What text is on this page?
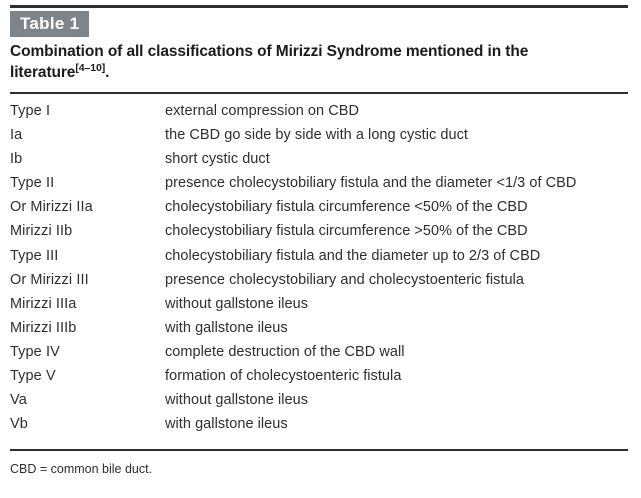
Table 1
Combination of all classifications of Mirizzi Syndrome mentioned in the literature[4–10].
Type I	external compression on CBD
Ia	the CBD go side by side with a long cystic duct
Ib	short cystic duct
Type II	presence cholecystobiliary fistula and the diameter <1/3 of CBD
Or Mirizzi IIa	cholecystobiliary fistula circumference <50% of the CBD
Mirizzi IIb	cholecystobiliary fistula circumference >50% of the CBD
Type III	cholecystobiliary fistula and the diameter up to 2/3 of CBD
Or Mirizzi III	presence cholecystobiliary and cholecystoenteric fistula
Mirizzi IIIa	without gallstone ileus
Mirizzi IIIb	with gallstone ileus
Type IV	complete destruction of the CBD wall
Type V	formation of cholecystoenteric fistula
Va	without gallstone ileus
Vb	with gallstone ileus
CBD = common bile duct.
